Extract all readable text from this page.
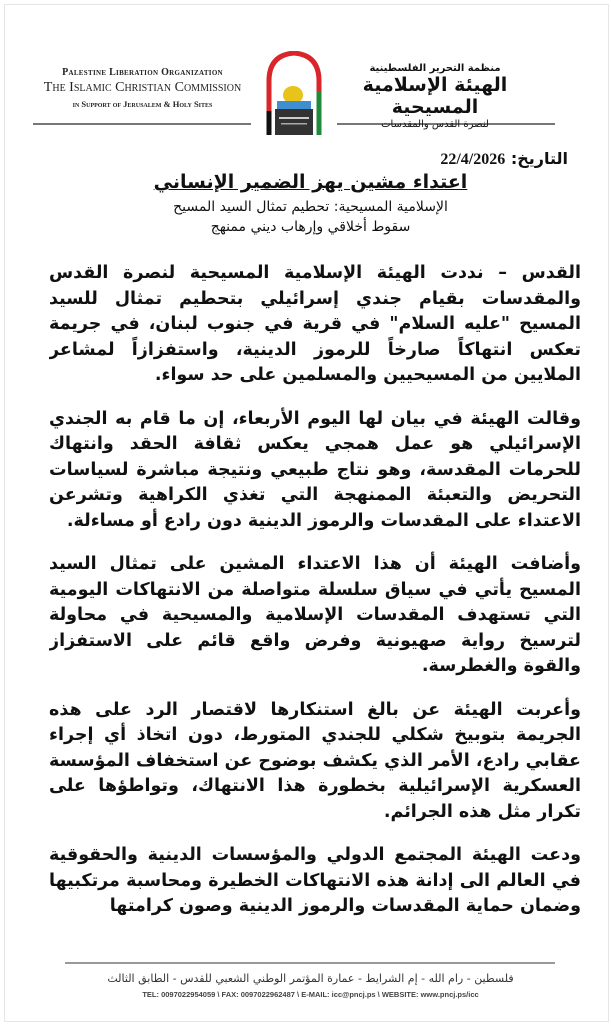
Palestine Liberation Organization
The Islamic Christian Commission
in Support of Jerusalem & Holy Sites
منظمة التحرير الفلسطينية
الهيئة الإسلامية المسيحية
لنصرة القدس والمقدسات
التاريخ: 22/4/2026
اعتداء مشين يهز الضمير الإنساني
الإسلامية المسيحية: تحطيم تمثال السيد المسيح
سقوط أخلاقي وإرهاب ديني ممنهج

القدس – نددت الهيئة الإسلامية المسيحية لنصرة القدس والمقدسات بقيام جندي إسرائيلي بتحطيم تمثال للسيد المسيح "عليه السلام" في قرية في جنوب لبنان، في جريمة تعكس انتهاكاً صارخاً للرموز الدينية، واستفزازاً لمشاعر الملايين من المسيحيين والمسلمين على حد سواء.

وقالت الهيئة في بيان لها اليوم الأربعاء، إن ما قام به الجندي الإسرائيلي هو عمل همجي يعكس ثقافة الحقد وانتهاك للحرمات المقدسة، وهو نتاج طبيعي ونتيجة مباشرة لسياسات التحريض والتعبئة الممنهجة التي تغذي الكراهية وتشرعن الاعتداء على المقدسات والرموز الدينية دون رادع أو مساءلة.

وأضافت الهيئة أن هذا الاعتداء المشين على تمثال السيد المسيح يأتي في سياق سلسلة متواصلة من الانتهاكات اليومية التي تستهدف المقدسات الإسلامية والمسيحية في محاولة لترسيخ رواية صهيونية وفرض واقع قائم على الاستفزاز والقوة والغطرسة.

وأعربت الهيئة عن بالغ استنكارها لاقتصار الرد على هذه الجريمة بتوبيخ شكلي للجندي المتورط، دون اتخاذ أي إجراء عقابي رادع، الأمر الذي يكشف بوضوح عن استخفاف المؤسسة العسكرية الإسرائيلية بخطورة هذا الانتهاك، وتواطؤها على تكرار مثل هذه الجرائم.

ودعت الهيئة المجتمع الدولي والمؤسسات الدينية والحقوقية في العالم الى إدانة هذه الانتهاكات الخطيرة ومحاسبة مرتكبيها وضمان حماية المقدسات والرموز الدينية وصون كرامتها

فلسطين - رام الله - إم الشرايط - عمارة المؤتمر الوطني الشعبي للقدس - الطابق الثالث
TEL: 0097022954059 \ FAX: 0097022962487 \ E-MAIL: icc@pncj.ps \ WEBSITE: www.pncj.ps/icc
